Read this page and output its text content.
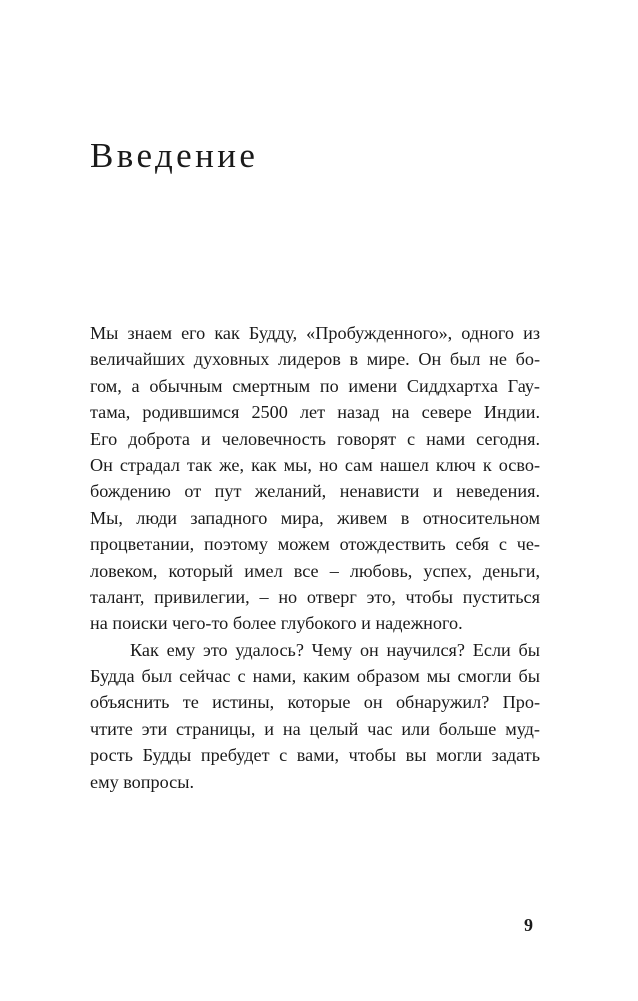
Введение
Мы знаем его как Будду, «Пробужденного», одного из
величайших духовных лидеров в мире. Он был не бо-
гом, а обычным смертным по имени Сиддхартха Гау-
тама, родившимся 2500 лет назад на севере Индии.
Его доброта и человечность говорят с нами сегодня.
Он страдал так же, как мы, но сам нашел ключ к осво-
бождению от пут желаний, ненависти и неведения.
Мы, люди западного мира, живем в относительном
процветании, поэтому можем отождествить себя с че-
ловеком, который имел все – любовь, успех, деньги,
талант, привилегии, – но отверг это, чтобы пуститься
на поиски чего-то более глубокого и надежного.
Как ему это удалось? Чему он научился? Если бы
Будда был сейчас с нами, каким образом мы смогли бы
объяснить те истины, которые он обнаружил? Про-
чтите эти страницы, и на целый час или больше муд-
рость Будды пребудет с вами, чтобы вы могли задать
ему вопросы.
9
